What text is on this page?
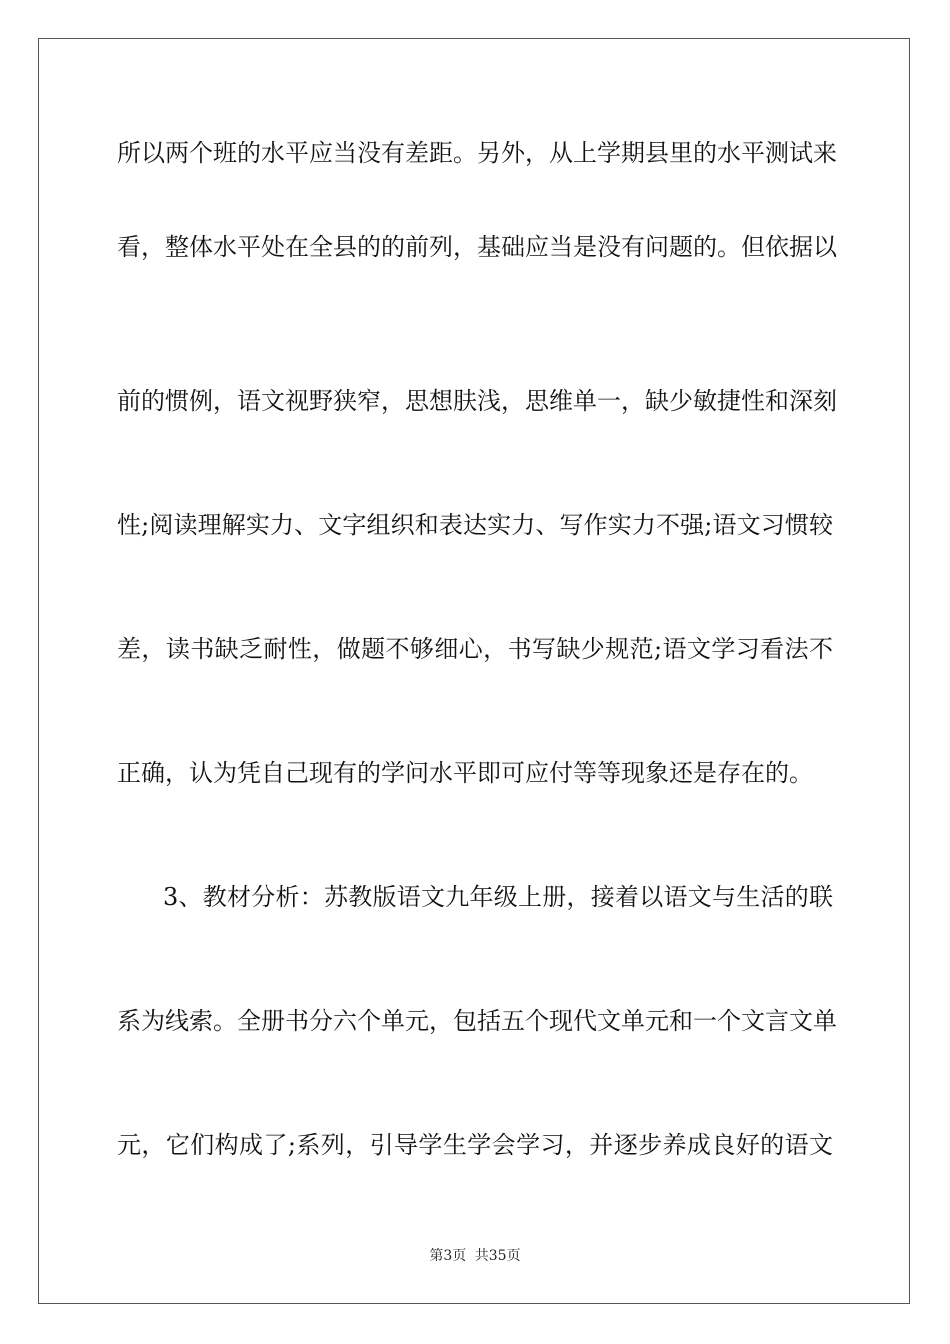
所以两个班的水平应当没有差距。另外，从上学期县里的水平测试来
看，整体水平处在全县的的前列，基础应当是没有问题的。但依据以
前的惯例，语文视野狭窄，思想肤浅，思维单一，缺少敏捷性和深刻
性;阅读理解实力、文字组织和表达实力、写作实力不强;语文习惯较
差，读书缺乏耐性，做题不够细心，书写缺少规范;语文学习看法不
正确，认为凭自己现有的学问水平即可应付等等现象还是存在的。
3、教材分析：苏教版语文九年级上册，接着以语文与生活的联
系为线索。全册书分六个单元，包括五个现代文单元和一个文言文单
元，它们构成了;系列，引导学生学会学习，并逐步养成良好的语文
第3页 共35页
